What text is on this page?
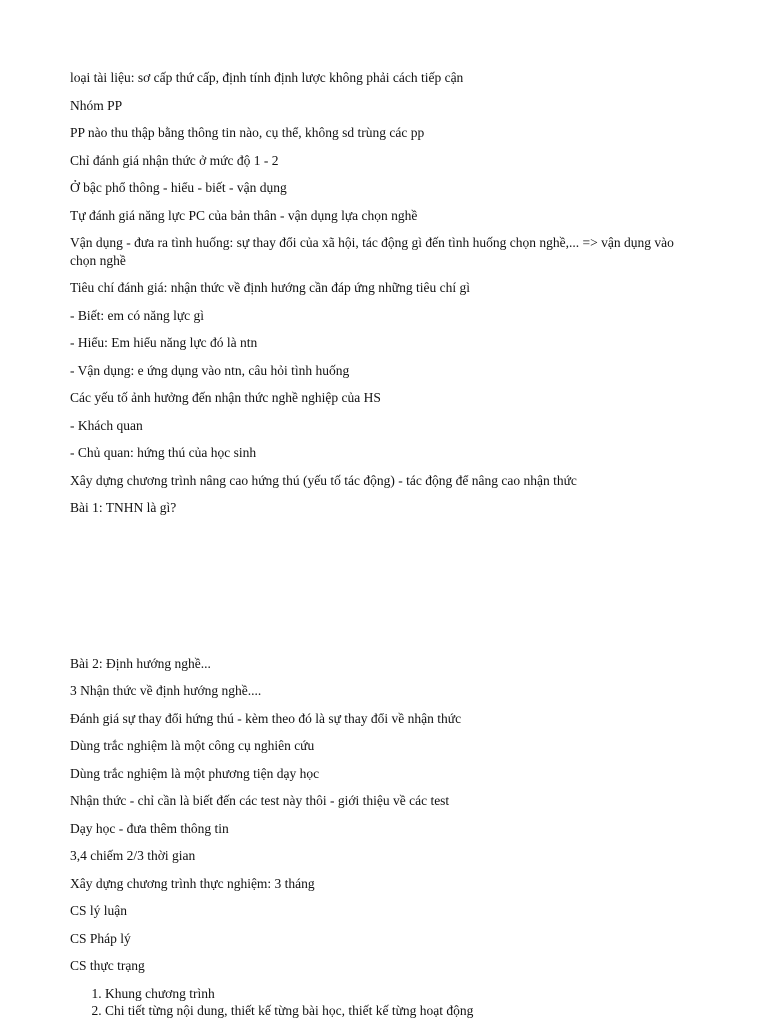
loại tài liệu: sơ cấp thứ cấp, định tính định lược không phải cách tiếp cận

Nhóm PP

PP nào thu thập bằng thông tin nào, cụ thể, không sd trùng các pp

Chỉ đánh giá nhận thức ở mức độ 1 - 2

Ở bậc phổ thông - hiểu - biết - vận dụng

Tự đánh giá năng lực PC của bản thân - vận dụng lựa chọn nghề

Vận dụng - đưa ra tình huống: sự thay đổi của xã hội, tác động gì đến tình huống chọn nghề,... => vận dụng vào chọn nghề

Tiêu chí đánh giá: nhận thức về định hướng cần đáp ứng những tiêu chí gì

- Biết: em có năng lực gì

- Hiểu: Em hiểu năng lực đó là ntn

- Vận dụng: e ứng dụng vào ntn, câu hỏi tình huống

Các yếu tố ảnh hưởng đến nhận thức nghề nghiệp của HS

- Khách quan

- Chủ quan: hứng thú của học sinh

Xây dựng chương trình nâng cao hứng thú (yếu tố tác động) - tác động để nâng cao nhận thức

Bài 1: TNHN là gì?

Bài 2: Định hướng nghề...

3 Nhận thức về định hướng nghề....

Đánh giá sự thay đổi hứng thú - kèm theo đó là sự thay đổi về nhận thức

Dùng trắc nghiệm là một công cụ nghiên cứu

Dùng trắc nghiệm là một phương tiện dạy học

Nhận thức - chỉ cần là biết đến các test này thôi - giới thiệu về các test

Dạy học - đưa thêm thông tin

3,4 chiếm 2/3 thời gian

Xây dựng chương trình thực nghiệm: 3 tháng

CS lý luận

CS Pháp lý

CS thực trạng

1. Khung chương trình
2. Chi tiết từng nội dung, thiết kế từng bài học, thiết kế từng hoạt động
